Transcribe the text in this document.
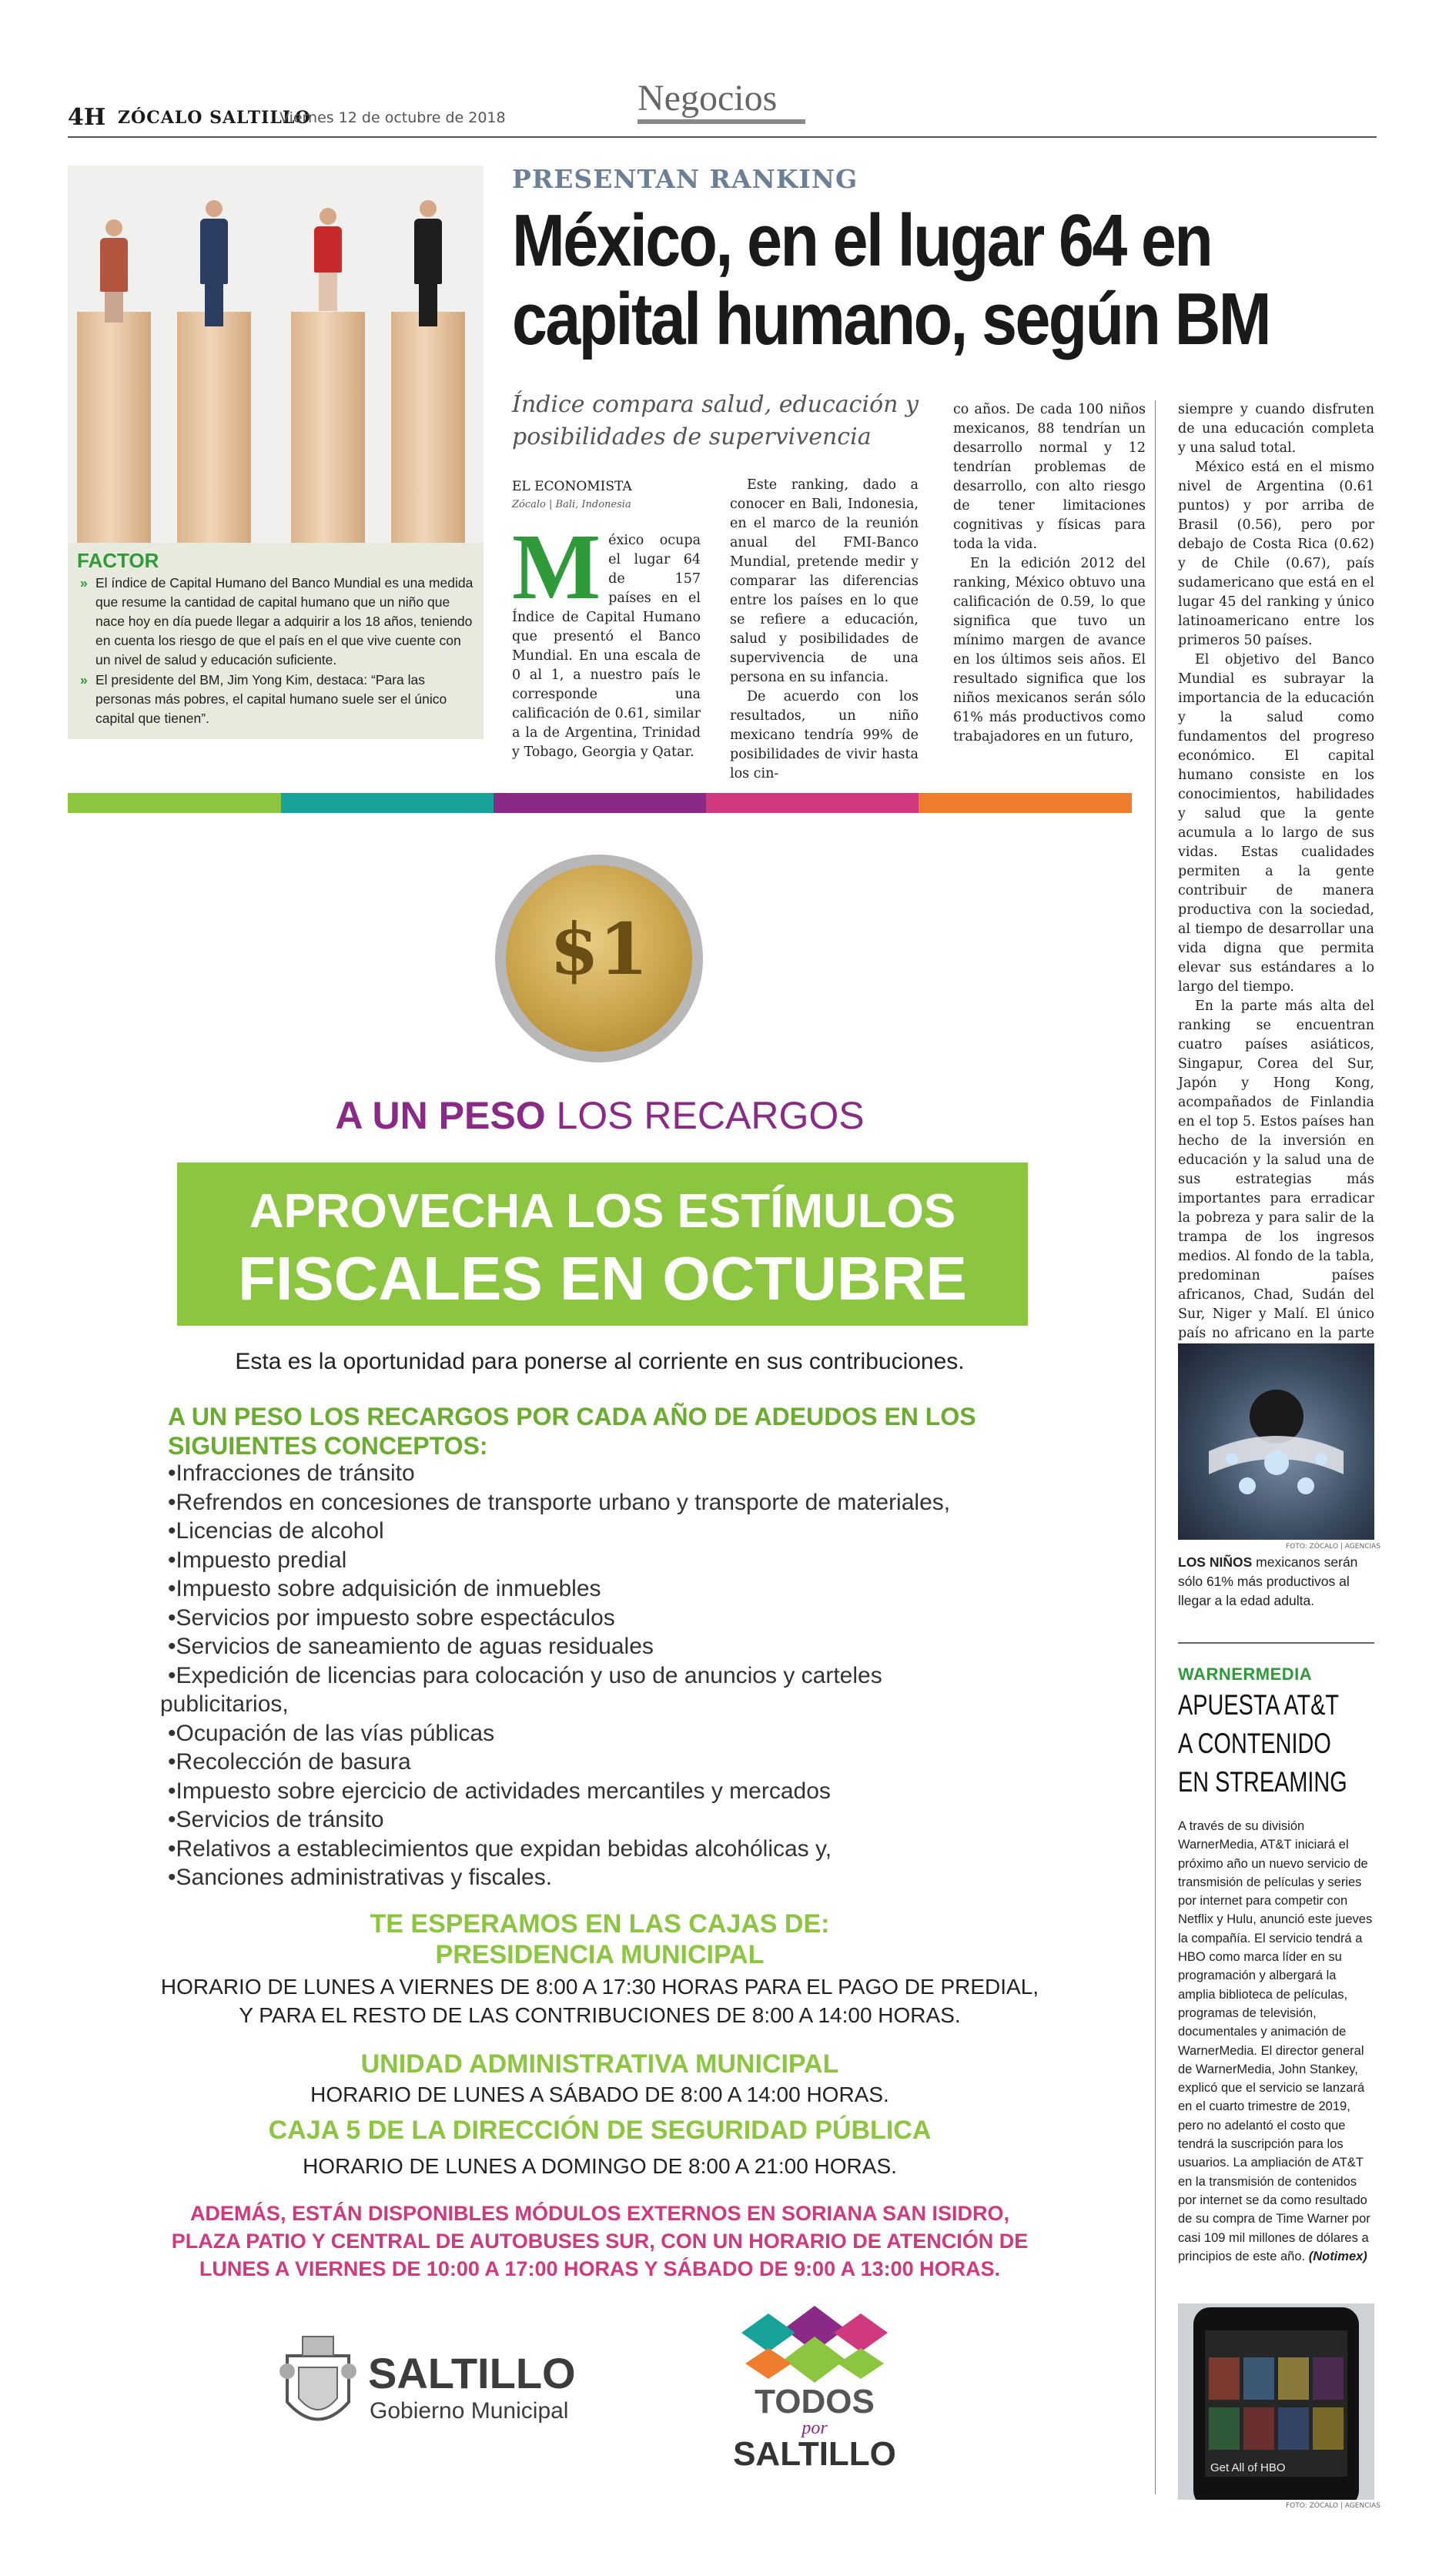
4H ZÓCALO SALTILLO
Viernes 12 de octubre de 2018	Negocios
FACTOR
» El índice de Capital Humano del Banco Mundial es una medida que resume la cantidad de capital humano que un niño que nace hoy en día puede llegar a adquirir a los 18 años, teniendo en cuenta los riesgo de que el país en el que vive cuente con un nivel de salud y educación suficiente.
» El presidente del BM, Jim Yong Kim, destaca: “Para las personas más pobres, el capital humano suele ser el único capital que tienen”.
PRESENTAN RANKING
México, en el lugar 64 en
capital humano, según BM
Índice compara salud, educación y posibilidades de supervivencia
EL ECONOMISTA
Zócalo | Bali, Indonesia

México ocupa el lugar 64 de 157 países en el Índice de Capital Humano que presentó el Banco Mundial. En una escala de 0 al 1, a nuestro país le corresponde una calificación de 0.61, similar a la de Argentina, Trinidad y Tobago, Georgia y Qatar.

Este ranking, dado a conocer en Bali, Indonesia, en el marco de la reunión anual del FMI-Banco Mundial, pretende medir y comparar las diferencias entre los países en lo que se refiere a educación, salud y posibilidades de supervivencia de una persona en su infancia.

De acuerdo con los resultados, un niño mexicano tendría 99% de posibilidades de vivir hasta los cin-

co años. De cada 100 niños mexicanos, 88 tendrían un desarrollo normal y 12 tendrían problemas de desarrollo, con alto riesgo de tener limitaciones cognitivas y físicas para toda la vida.

En la edición 2012 del ranking, México obtuvo una calificación de 0.59, lo que significa que tuvo un mínimo margen de avance en los últimos seis años. El resultado significa que los niños mexicanos serán sólo 61% más productivos como trabajadores en un futuro,

siempre y cuando disfruten de una educación completa y una salud total.

México está en el mismo nivel de Argentina (0.61 puntos) y por arriba de Brasil (0.56), pero por debajo de Costa Rica (0.62) y de Chile (0.67), país sudamericano que está en el lugar 45 del ranking y único latinoamericano entre los primeros 50 países.

El objetivo del Banco Mundial es subrayar la importancia de la educación y la salud como fundamentos del progreso económico. El capital humano consiste en los conocimientos, habilidades y salud que la gente acumula a lo largo de sus vidas. Estas cualidades permiten a la gente contribuir de manera productiva con la sociedad, al tiempo de desarrollar una vida digna que permita elevar sus estándares a lo largo del tiempo.

En la parte más alta del ranking se encuentran cuatro países asiáticos, Singapur, Corea del Sur, Japón y Hong Kong, acompañados de Finlandia en el top 5. Estos países han hecho de la inversión en educación y la salud una de sus estrategias más importantes para erradicar la pobreza y para salir de la trampa de los ingresos medios. Al fondo de la tabla, predominan países africanos, Chad, Sudán del Sur, Niger y Malí. El único país no africano en la parte

$1
A UN PESO LOS RECARGOS
APROVECHA LOS ESTÍMULOS
FISCALES EN OCTUBRE
Esta es la oportunidad para ponerse al corriente en sus contribuciones.
A UN PESO LOS RECARGOS POR CADA AÑO DE ADEUDOS EN LOS
SIGUIENTES CONCEPTOS:
•Infracciones de tránsito
•Refrendos en concesiones de transporte urbano y transporte de materiales,
•Licencias de alcohol
•Impuesto predial
•Impuesto sobre adquisición de inmuebles
•Servicios por impuesto sobre espectáculos
•Servicios de saneamiento de aguas residuales
•Expedición de licencias para colocación y uso de anuncios y carteles
publicitarios,
•Ocupación de las vías públicas
•Recolección de basura
•Impuesto sobre ejercicio de actividades mercantiles y mercados
•Servicios de tránsito
•Relativos a establecimientos que expidan bebidas alcohólicas y,
•Sanciones administrativas y fiscales.
TE ESPERAMOS EN LAS CAJAS DE:
PRESIDENCIA MUNICIPAL
HORARIO DE LUNES A VIERNES DE 8:00 A 17:30 HORAS PARA EL PAGO DE PREDIAL,
Y PARA EL RESTO DE LAS CONTRIBUCIONES DE 8:00 A 14:00 HORAS.
UNIDAD ADMINISTRATIVA MUNICIPAL
HORARIO DE LUNES A SÁBADO DE 8:00 A 14:00 HORAS.
CAJA 5 DE LA DIRECCIÓN DE SEGURIDAD PÚBLICA
HORARIO DE LUNES A DOMINGO DE 8:00 A 21:00 HORAS.
ADEMÁS, ESTÁN DISPONIBLES MÓDULOS EXTERNOS EN SORIANA SAN ISIDRO,
PLAZA PATIO Y CENTRAL DE AUTOBUSES SUR, CON UN HORARIO DE ATENCIÓN DE
LUNES A VIERNES DE 10:00 A 17:00 HORAS Y SÁBADO DE 9:00 A 13:00 HORAS.
SALTILLO
Gobierno Municipal	TODOS
por
SALTILLO
FOTO: ZÓCALO | AGENCIAS
LOS NIÑOS mexicanos serán sólo 61% más productivos al llegar a la edad adulta.
WARNERMEDIA
APUESTA AT&T
A CONTENIDO
EN STREAMING
A través de su división WarnerMedia, AT&T iniciará el próximo año un nuevo servicio de transmisión de películas y series por internet para competir con Netflix y Hulu, anunció este jueves la compañía. El servicio tendrá a HBO como marca líder en su programación y albergará la amplia biblioteca de películas, programas de televisión, documentales y animación de WarnerMedia. El director general de WarnerMedia, John Stankey, explicó que el servicio se lanzará en el cuarto trimestre de 2019, pero no adelantó el costo que tendrá la suscripción para los usuarios. La ampliación de AT&T en la transmisión de contenidos por internet se da como resultado de su compra de Time Warner por casi 109 mil millones de dólares a principios de este año. (Notimex)
Get All of HBO
FOTO: ZÓCALO | AGENCIAS
